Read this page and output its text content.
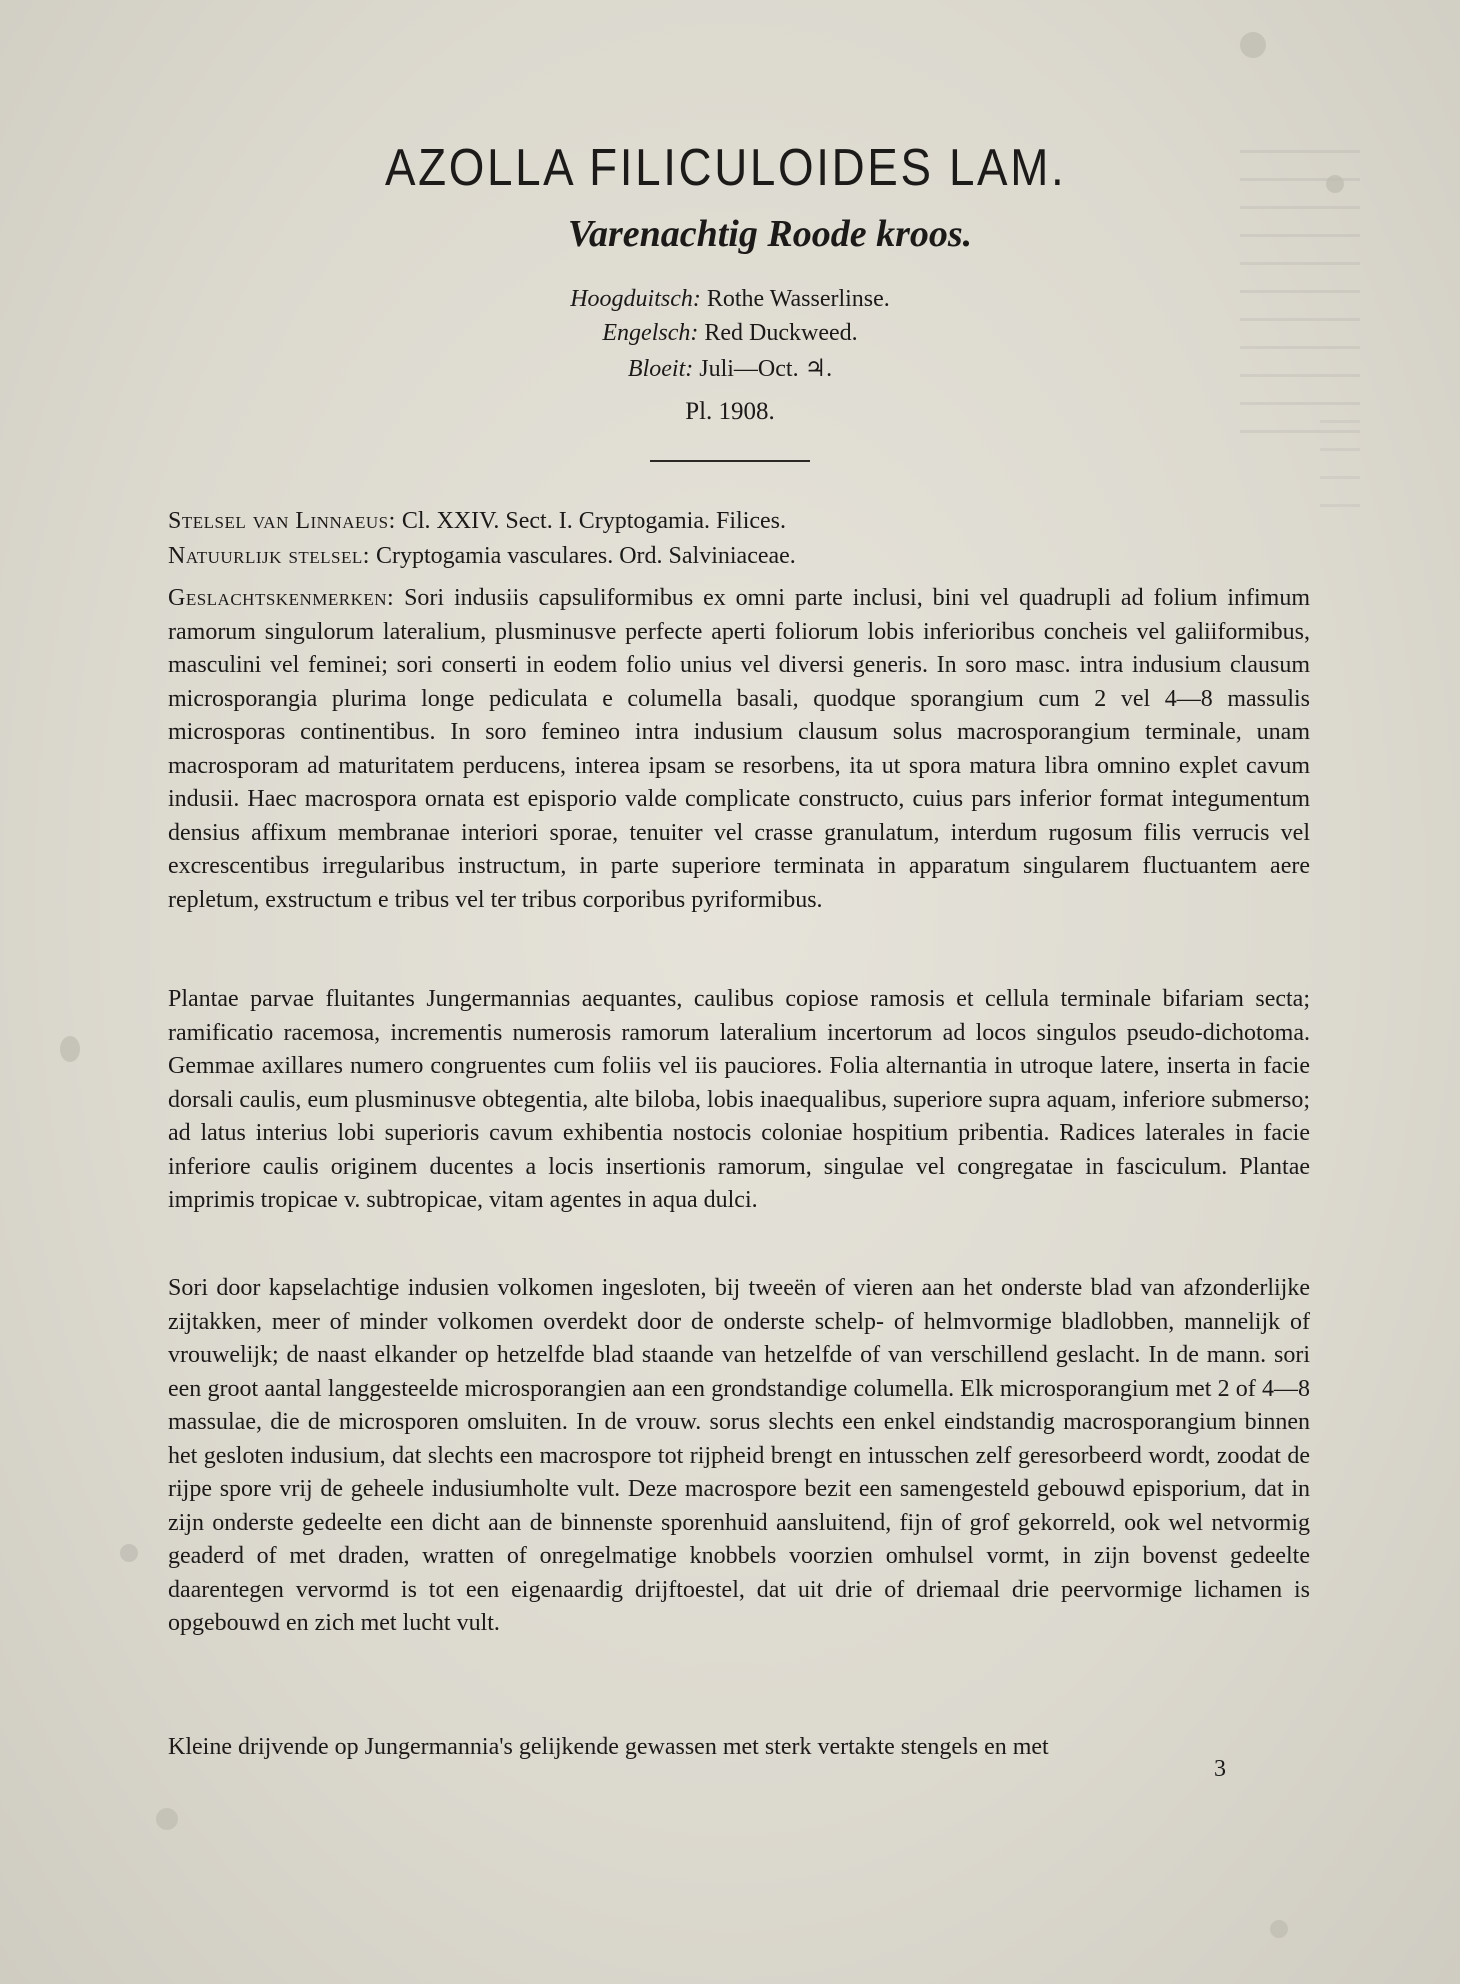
AZOLLA FILICULOIDES LAM.
Varenachtig Roode kroos.
Hoogduitsch: Rothe Wasserlinse.
Engelsch: Red Duckweed.
Bloeit: Juli—Oct. ♃.
Pl. 1908.

Stelsel van Linnaeus: Cl. XXIV. Sect. I. Cryptogamia. Filices.

Natuurlijk stelsel: Cryptogamia vasculares. Ord. Salviniaceae.

Geslachtskenmerken: Sori indusiis capsuliformibus ex omni parte inclusi, bini vel quadrupli ad folium infimum ramorum singulorum lateralium, plusminusve perfecte aperti foliorum lobis inferioribus concheis vel galiiformibus, masculini vel feminei; sori conserti in eodem folio unius vel diversi generis. In soro masc. intra indusium clausum microsporangia plurima longe pediculata e columella basali, quodque sporangium cum 2 vel 4—8 massulis microsporas continentibus. In soro femineo intra indusium clausum solus macrosporangium terminale, unam macrosporam ad maturitatem perducens, interea ipsam se resorbens, ita ut spora matura libra omnino explet cavum indusii. Haec macrospora ornata est episporio valde complicate constructo, cuius pars inferior format integumentum densius affixum membranae interiori sporae, tenuiter vel crasse granulatum, interdum rugosum filis verrucis vel excrescentibus irregularibus instructum, in parte superiore terminata in apparatum singularem fluctuantem aere repletum, exstructum e tribus vel ter tribus corporibus pyriformibus.

Plantae parvae fluitantes Jungermannias aequantes, caulibus copiose ramosis et cellula terminale bifariam secta; ramificatio racemosa, incrementis numerosis ramorum lateralium incertorum ad locos singulos pseudo-dichotoma. Gemmae axillares numero congruentes cum foliis vel iis pauciores. Folia alternantia in utroque latere, inserta in facie dorsali caulis, eum plusminusve obtegentia, alte biloba, lobis inaequalibus, superiore supra aquam, inferiore submerso; ad latus interius lobi superioris cavum exhibentia nostocis coloniae hospitium pribentia. Radices laterales in facie inferiore caulis originem ducentes a locis insertionis ramorum, singulae vel congregatae in fasciculum. Plantae imprimis tropicae v. subtropicae, vitam agentes in aqua dulci.

Sori door kapselachtige indusien volkomen ingesloten, bij tweeën of vieren aan het onderste blad van afzonderlijke zijtakken, meer of minder volkomen overdekt door de onderste schelp- of helmvormige bladlobben, mannelijk of vrouwelijk; de naast elkander op hetzelfde blad staande van hetzelfde of van verschillend geslacht. In de mann. sori een groot aantal langgesteelde microsporangien aan een grondstandige columella. Elk microsporangium met 2 of 4—8 massulae, die de microsporen omsluiten. In de vrouw. sorus slechts een enkel eindstandig macrosporangium binnen het gesloten indusium, dat slechts een macrospore tot rijpheid brengt en intusschen zelf geresorbeerd wordt, zoodat de rijpe spore vrij de geheele indusiumholte vult. Deze macrospore bezit een samengesteld gebouwd episporium, dat in zijn onderste gedeelte een dicht aan de binnenste sporenhuid aansluitend, fijn of grof gekorreld, ook wel netvormig geaderd of met draden, wratten of onregelmatige knobbels voorzien omhulsel vormt, in zijn bovenst gedeelte daarentegen vervormd is tot een eigenaardig drijftoestel, dat uit drie of driemaal drie peervormige lichamen is opgebouwd en zich met lucht vult.

Kleine drijvende op Jungermannia's gelijkende gewassen met sterk vertakte stengels en met

3
